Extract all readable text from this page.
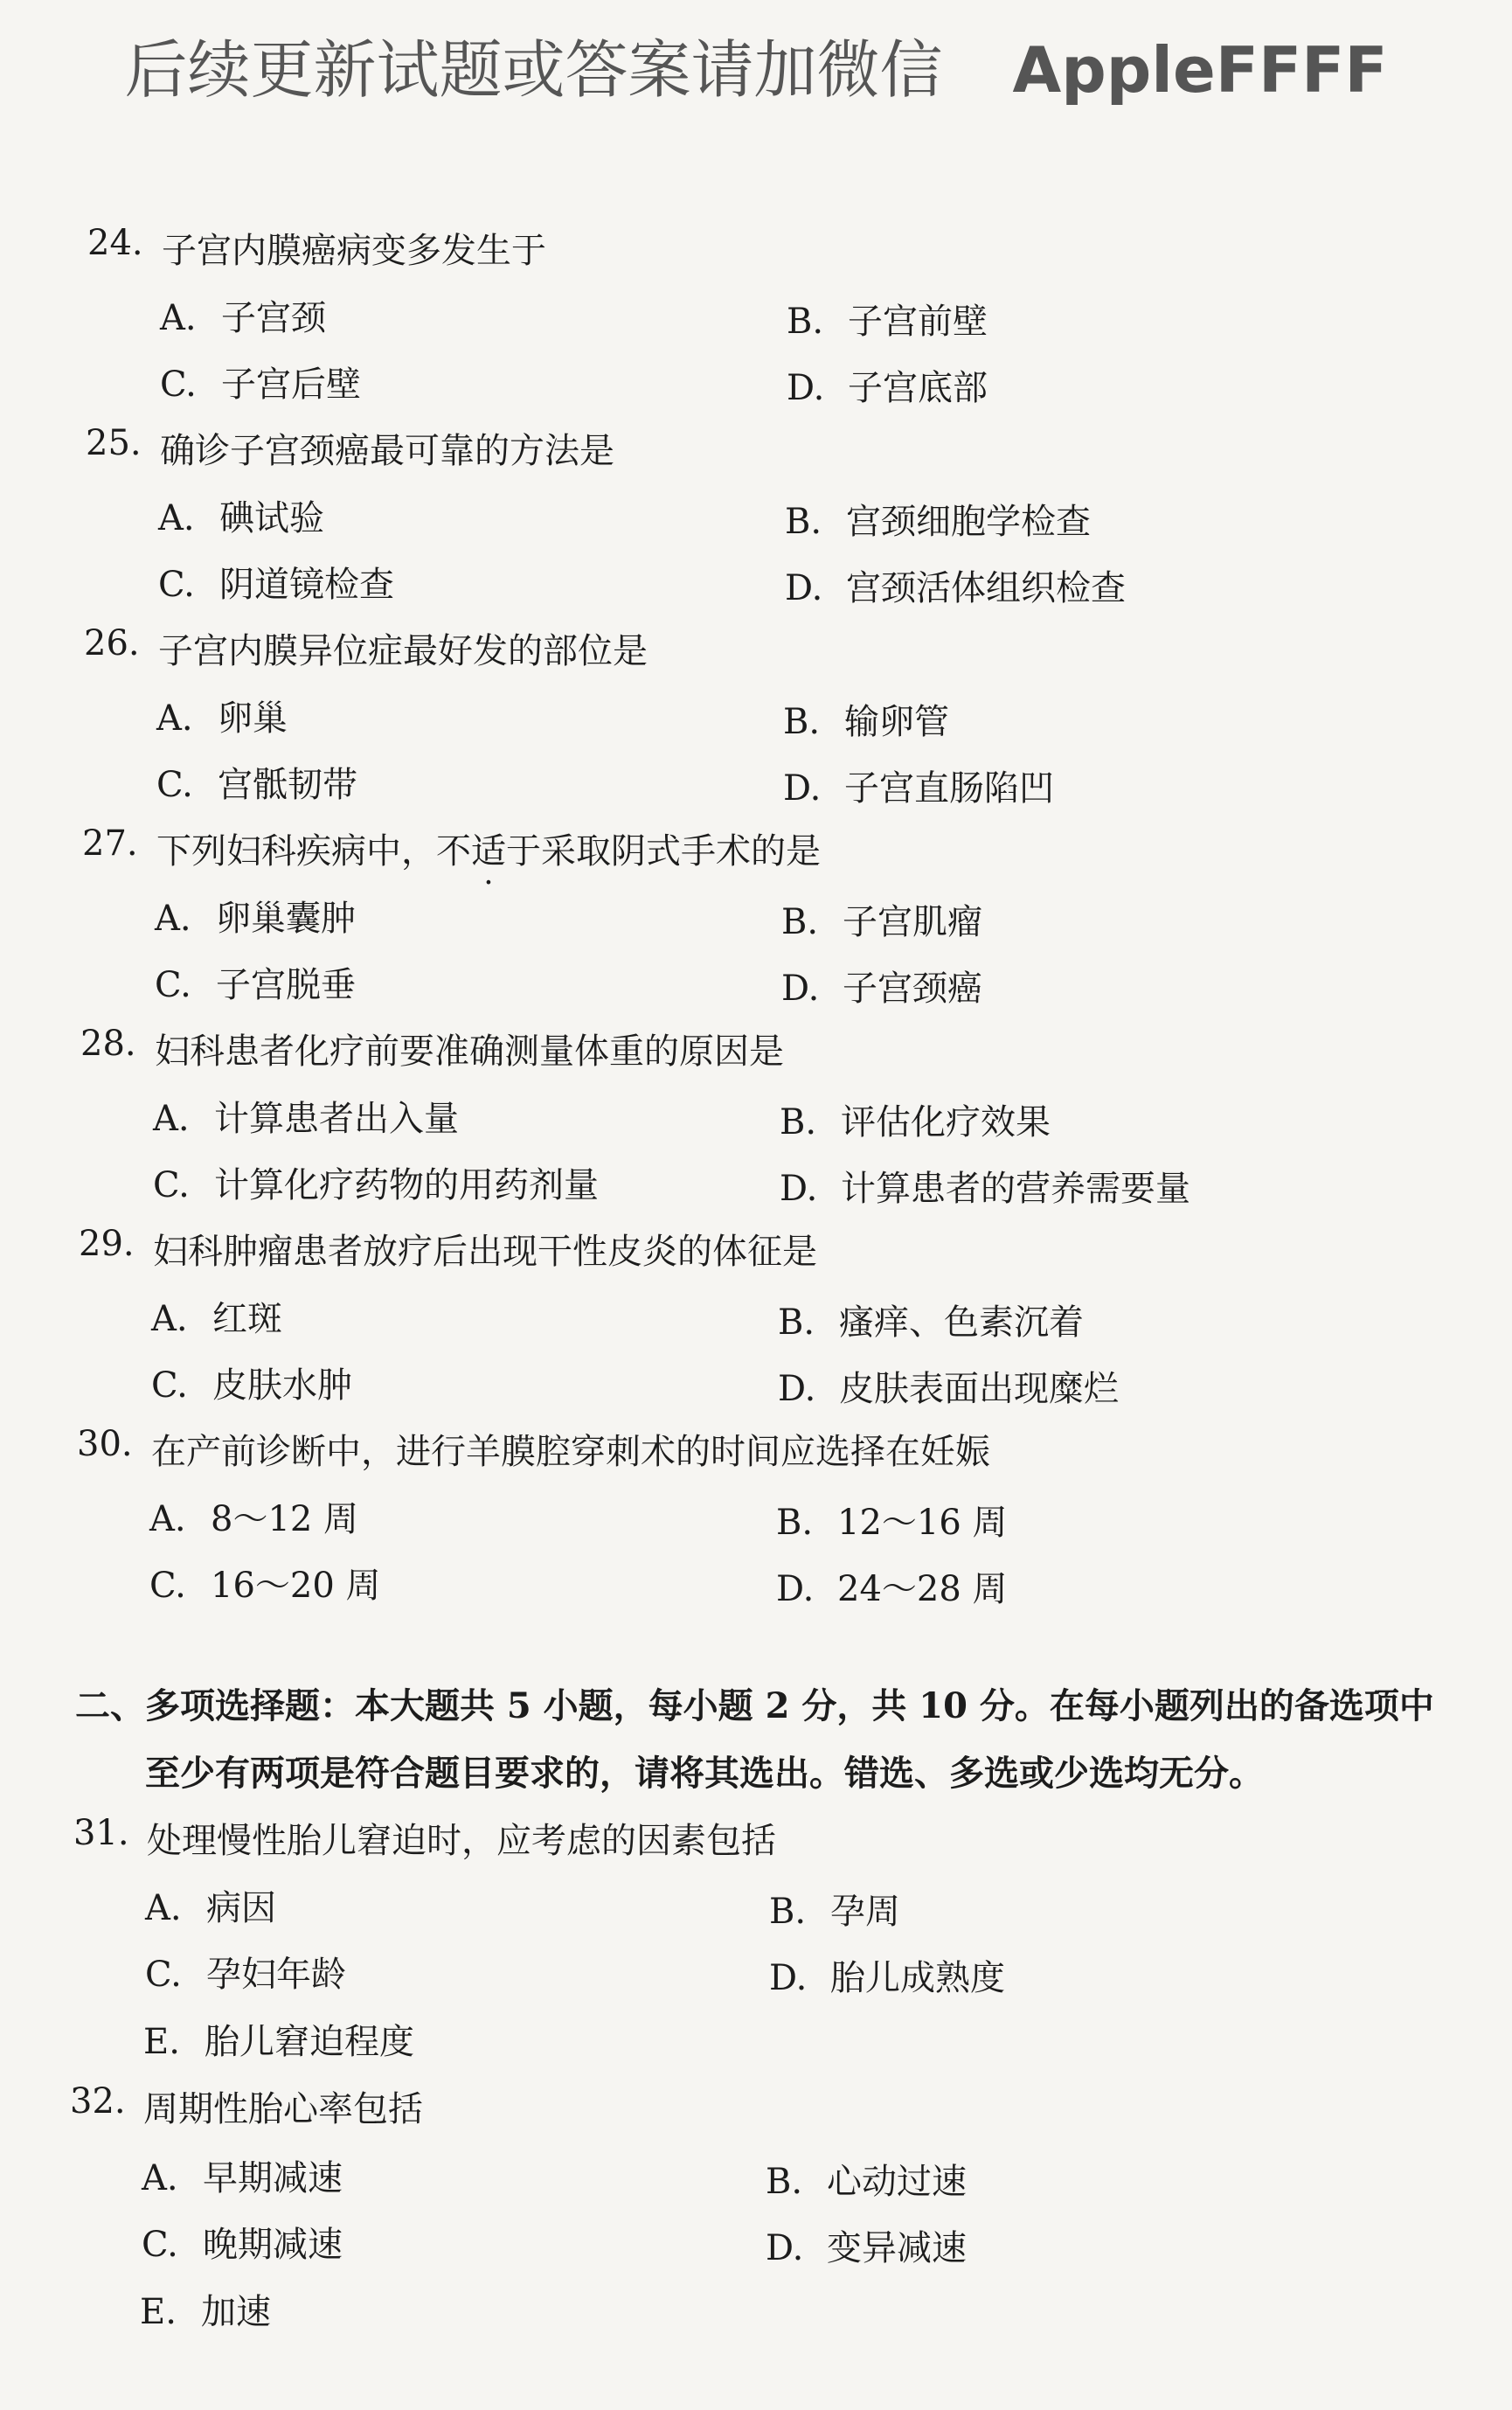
后续更新试题或答案请加微信 AppleFFFF
24. 子宫内膜癌病变多发生于
A. 子宫颈	B. 子宫前壁
C. 子宫后壁	D. 子宫底部
25. 确诊子宫颈癌最可靠的方法是
A. 碘试验	B. 宫颈细胞学检查
C. 阴道镜检查	D. 宫颈活体组织检查
26. 子宫内膜异位症最好发的部位是
A. 卵巢	B. 输卵管
C. 宫骶韧带	D. 子宫直肠陷凹
27. 下列妇科疾病中，不适于采取阴式手术的是
A. 卵巢囊肿	B. 子宫肌瘤
C. 子宫脱垂	D. 子宫颈癌
28. 妇科患者化疗前要准确测量体重的原因是
A. 计算患者出入量	B. 评估化疗效果
C. 计算化疗药物的用药剂量	D. 计算患者的营养需要量
29. 妇科肿瘤患者放疗后出现干性皮炎的体征是
A. 红斑	B. 瘙痒、色素沉着
C. 皮肤水肿	D. 皮肤表面出现糜烂
30. 在产前诊断中，进行羊膜腔穿刺术的时间应选择在妊娠
A. 8～12 周	B. 12～16 周
C. 16～20 周	D. 24～28 周
二、多项选择题：本大题共 5 小题，每小题 2 分，共 10 分。在每小题列出的备选项中
至少有两项是符合题目要求的，请将其选出。错选、多选或少选均无分。
31. 处理慢性胎儿窘迫时，应考虑的因素包括
A. 病因	B. 孕周
C. 孕妇年龄	D. 胎儿成熟度
E. 胎儿窘迫程度
32. 周期性胎心率包括
A. 早期减速	B. 心动过速
C. 晚期减速	D. 变异减速
E. 加速
